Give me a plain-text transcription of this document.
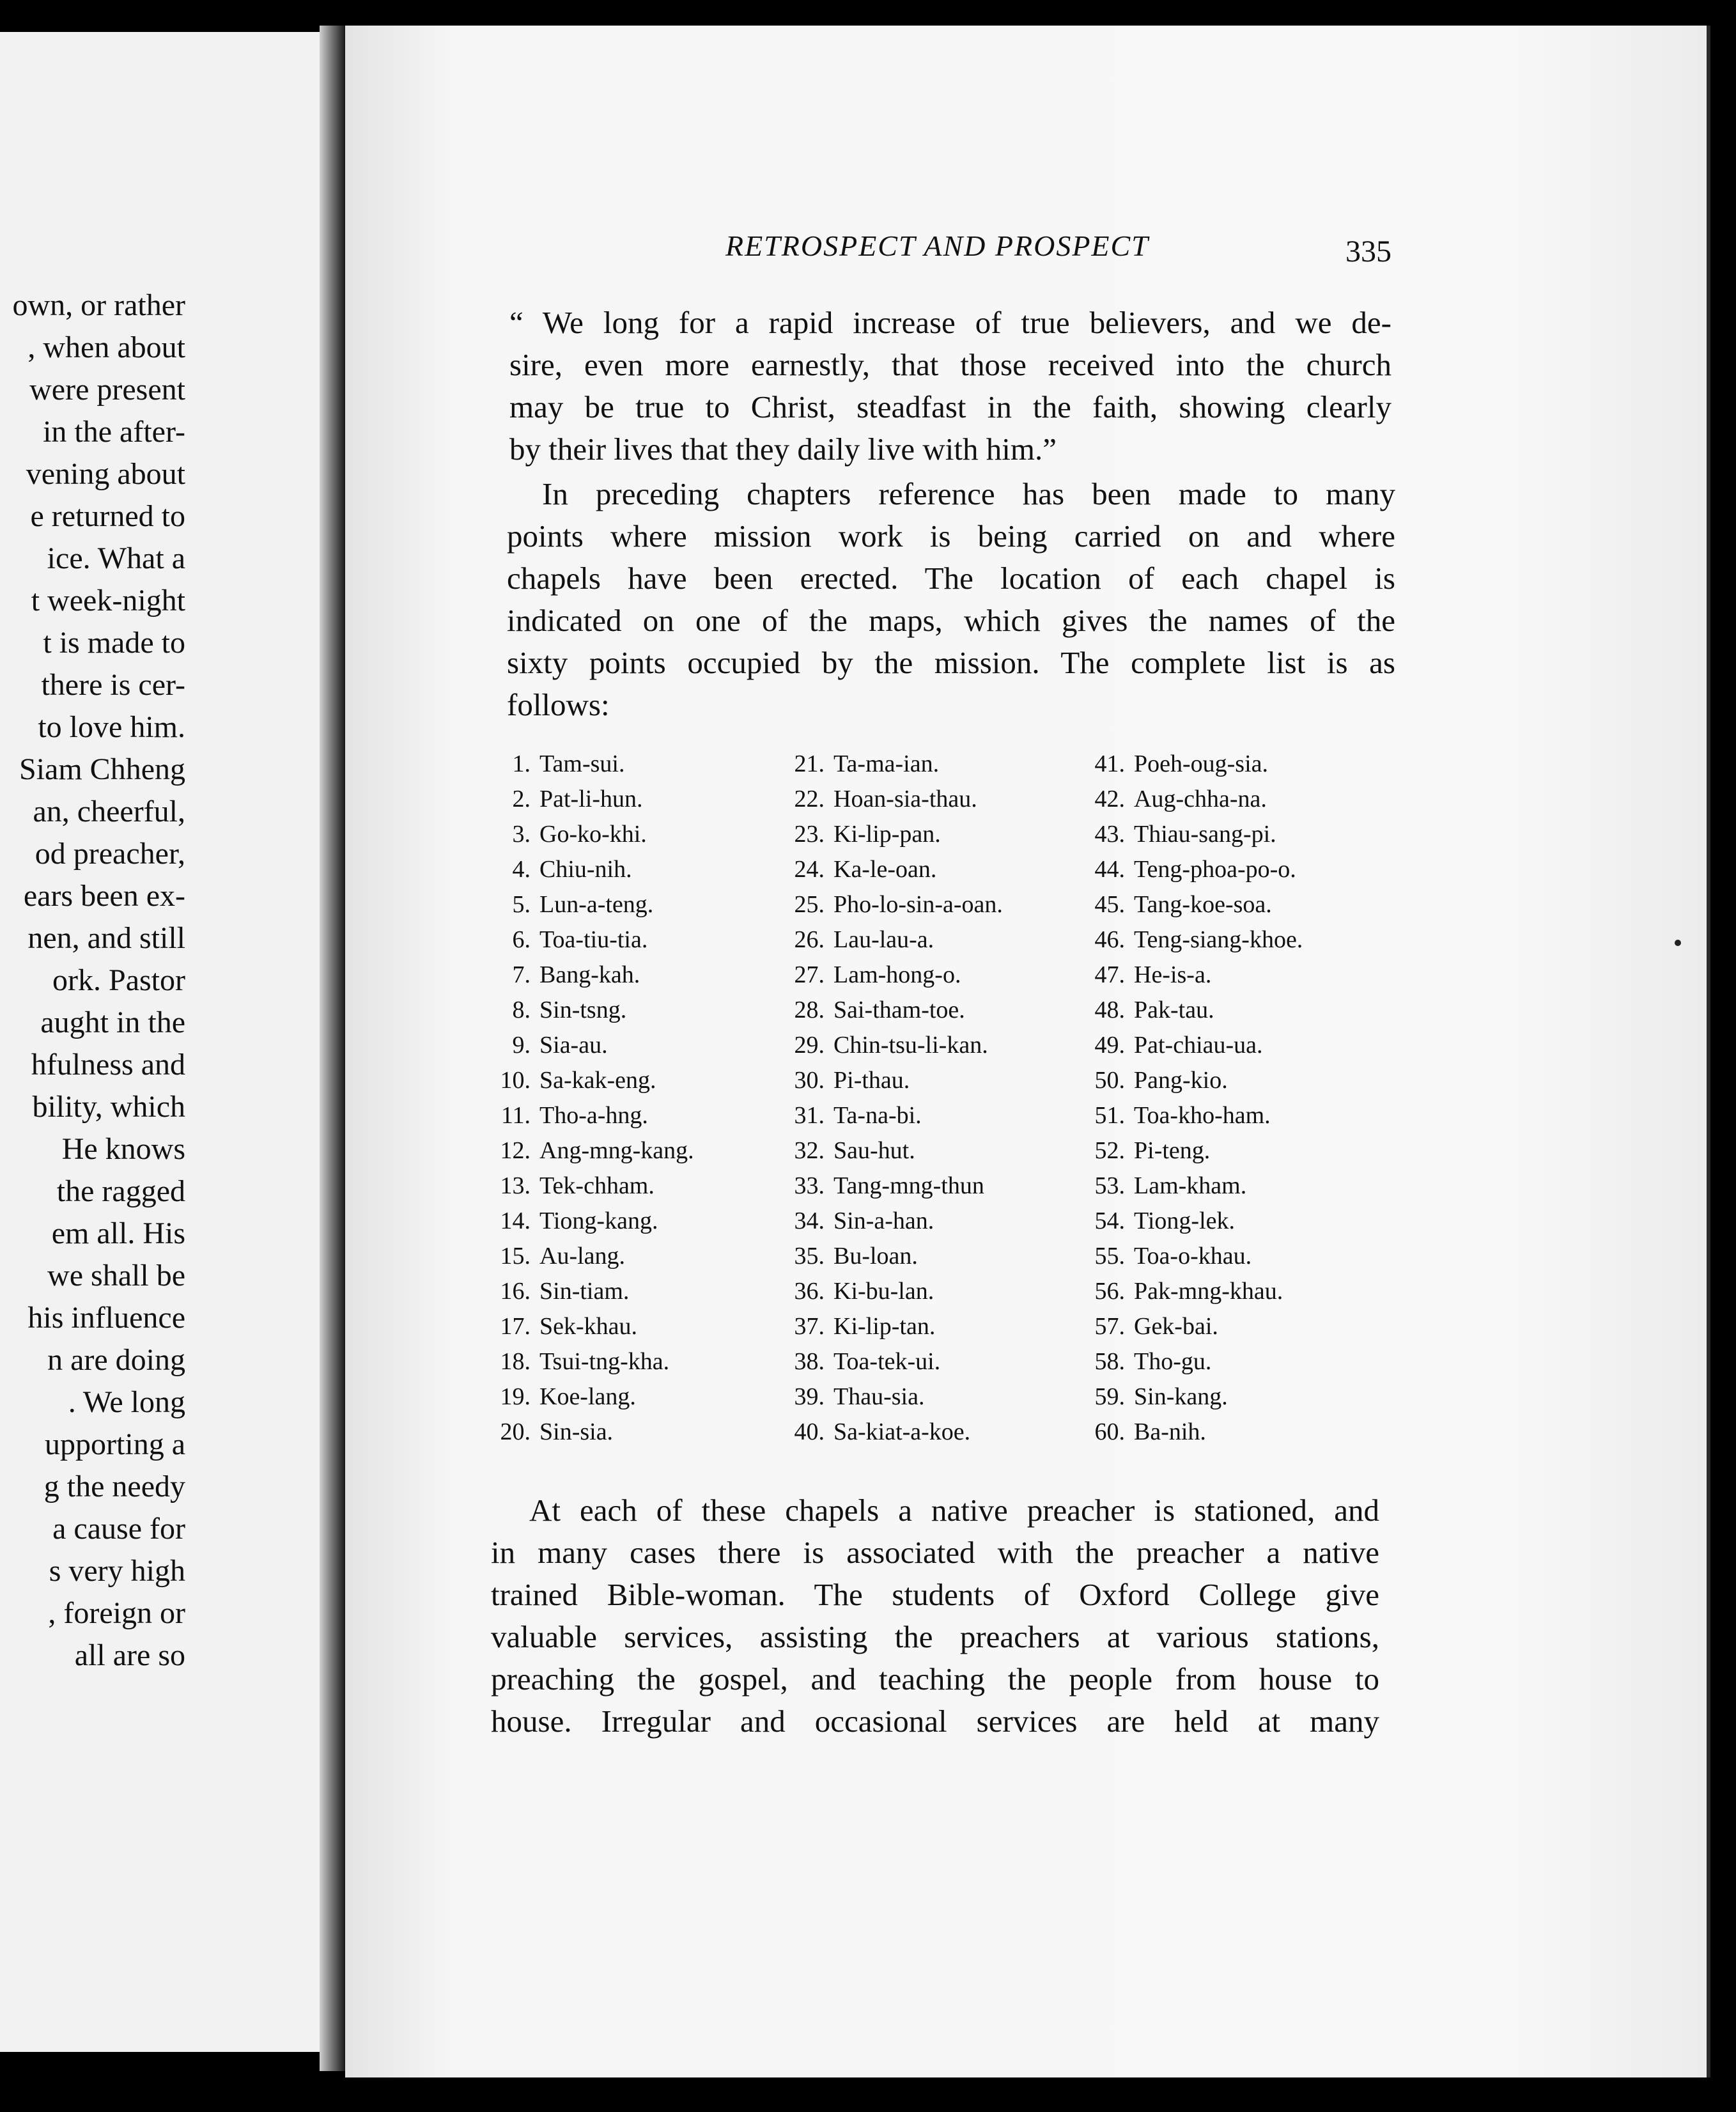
own, or rather
, when about
were present
in the after-
vening about
e returned to
ice. What a
t week-night
t is made to
there is cer-
to love him.
Siam Chheng
an, cheerful,
od preacher,
ears been ex-
nen, and still
ork. Pastor
aught in the
hfulness and
bility, which
He knows
the ragged
em all. His
we shall be
his influence
n are doing
. We long
upporting a
g the needy
a cause for
s very high
, foreign or
all are so
RETROSPECT AND PROSPECT	335
“ We long for a rapid increase of true believers, and we de-
sire, even more earnestly, that those received into the church
may be true to Christ, steadfast in the faith, showing clearly
by their lives that they daily live with him.”
In preceding chapters reference has been made to many
points where mission work is being carried on and where
chapels have been erected. The location of each chapel is
indicated on one of the maps, which gives the names of the
sixty points occupied by the mission. The complete list is as
follows:
1. Tam-sui.
2. Pat-li-hun.
3. Go-ko-khi.
4. Chiu-nih.
5. Lun-a-teng.
6. Toa-tiu-tia.
7. Bang-kah.
8. Sin-tsng.
9. Sia-au.
10. Sa-kak-eng.
11. Tho-a-hng.
12. Ang-mng-kang.
13. Tek-chham.
14. Tiong-kang.
15. Au-lang.
16. Sin-tiam.
17. Sek-khau.
18. Tsui-tng-kha.
19. Koe-lang.
20. Sin-sia.
21. Ta-ma-ian.
22. Hoan-sia-thau.
23. Ki-lip-pan.
24. Ka-le-oan.
25. Pho-lo-sin-a-oan.
26. Lau-lau-a.
27. Lam-hong-o.
28. Sai-tham-toe.
29. Chin-tsu-li-kan.
30. Pi-thau.
31. Ta-na-bi.
32. Sau-hut.
33. Tang-mng-thun
34. Sin-a-han.
35. Bu-loan.
36. Ki-bu-lan.
37. Ki-lip-tan.
38. Toa-tek-ui.
39. Thau-sia.
40. Sa-kiat-a-koe.
41. Poeh-oug-sia.
42. Aug-chha-na.
43. Thiau-sang-pi.
44. Teng-phoa-po-o.
45. Tang-koe-soa.
46. Teng-siang-khoe.
47. He-is-a.
48. Pak-tau.
49. Pat-chiau-ua.
50. Pang-kio.
51. Toa-kho-ham.
52. Pi-teng.
53. Lam-kham.
54. Tiong-lek.
55. Toa-o-khau.
56. Pak-mng-khau.
57. Gek-bai.
58. Tho-gu.
59. Sin-kang.
60. Ba-nih.
At each of these chapels a native preacher is stationed, and
in many cases there is associated with the preacher a native
trained Bible-woman. The students of Oxford College give
valuable services, assisting the preachers at various stations,
preaching the gospel, and teaching the people from house to
house. Irregular and occasional services are held at many
